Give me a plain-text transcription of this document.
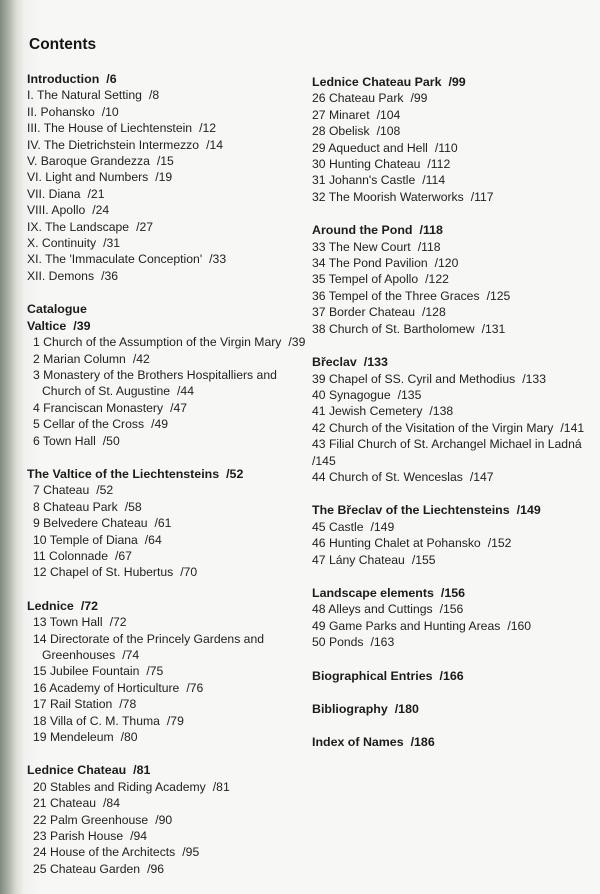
Contents
Introduction /6
I. The Natural Setting /8
II. Pohansko /10
III. The House of Liechtenstein /12
IV. The Dietrichstein Intermezzo /14
V. Baroque Grandezza /15
VI. Light and Numbers /19
VII. Diana /21
VIII. Apollo /24
IX. The Landscape /27
X. Continuity /31
XI. The 'Immaculate Conception' /33
XII. Demons /36
Catalogue
Valtice /39
1 Church of the Assumption of the Virgin Mary /39
2 Marian Column /42
3 Monastery of the Brothers Hospitalliers and
Church of St. Augustine /44
4 Franciscan Monastery /47
5 Cellar of the Cross /49
6 Town Hall /50
The Valtice of the Liechtensteins /52
7 Chateau /52
8 Chateau Park /58
9 Belvedere Chateau /61
10 Temple of Diana /64
11 Colonnade /67
12 Chapel of St. Hubertus /70
Lednice /72
13 Town Hall /72
14 Directorate of the Princely Gardens and
Greenhouses /74
15 Jubilee Fountain /75
16 Academy of Horticulture /76
17 Rail Station /78
18 Villa of C. M. Thuma /79
19 Mendeleum /80
Lednice Chateau /81
20 Stables and Riding Academy /81
21 Chateau /84
22 Palm Greenhouse /90
23 Parish House /94
24 House of the Architects /95
25 Chateau Garden /96
Lednice Chateau Park /99
26 Chateau Park /99
27 Minaret /104
28 Obelisk /108
29 Aqueduct and Hell /110
30 Hunting Chateau /112
31 Johann's Castle /114
32 The Moorish Waterworks /117
Around the Pond /118
33 The New Court /118
34 The Pond Pavilion /120
35 Tempel of Apollo /122
36 Tempel of the Three Graces /125
37 Border Chateau /128
38 Church of St. Bartholomew /131
Břeclav /133
39 Chapel of SS. Cyril and Methodius /133
40 Synagogue /135
41 Jewish Cemetery /138
42 Church of the Visitation of the Virgin Mary /141
43 Filial Church of St. Archangel Michael in Ladná
/145
44 Church of St. Wenceslas /147
The Břeclav of the Liechtensteins /149
45 Castle /149
46 Hunting Chalet at Pohansko /152
47 Lány Chateau /155
Landscape elements /156
48 Alleys and Cuttings /156
49 Game Parks and Hunting Areas /160
50 Ponds /163
Biographical Entries /166
Bibliography /180
Index of Names /186
